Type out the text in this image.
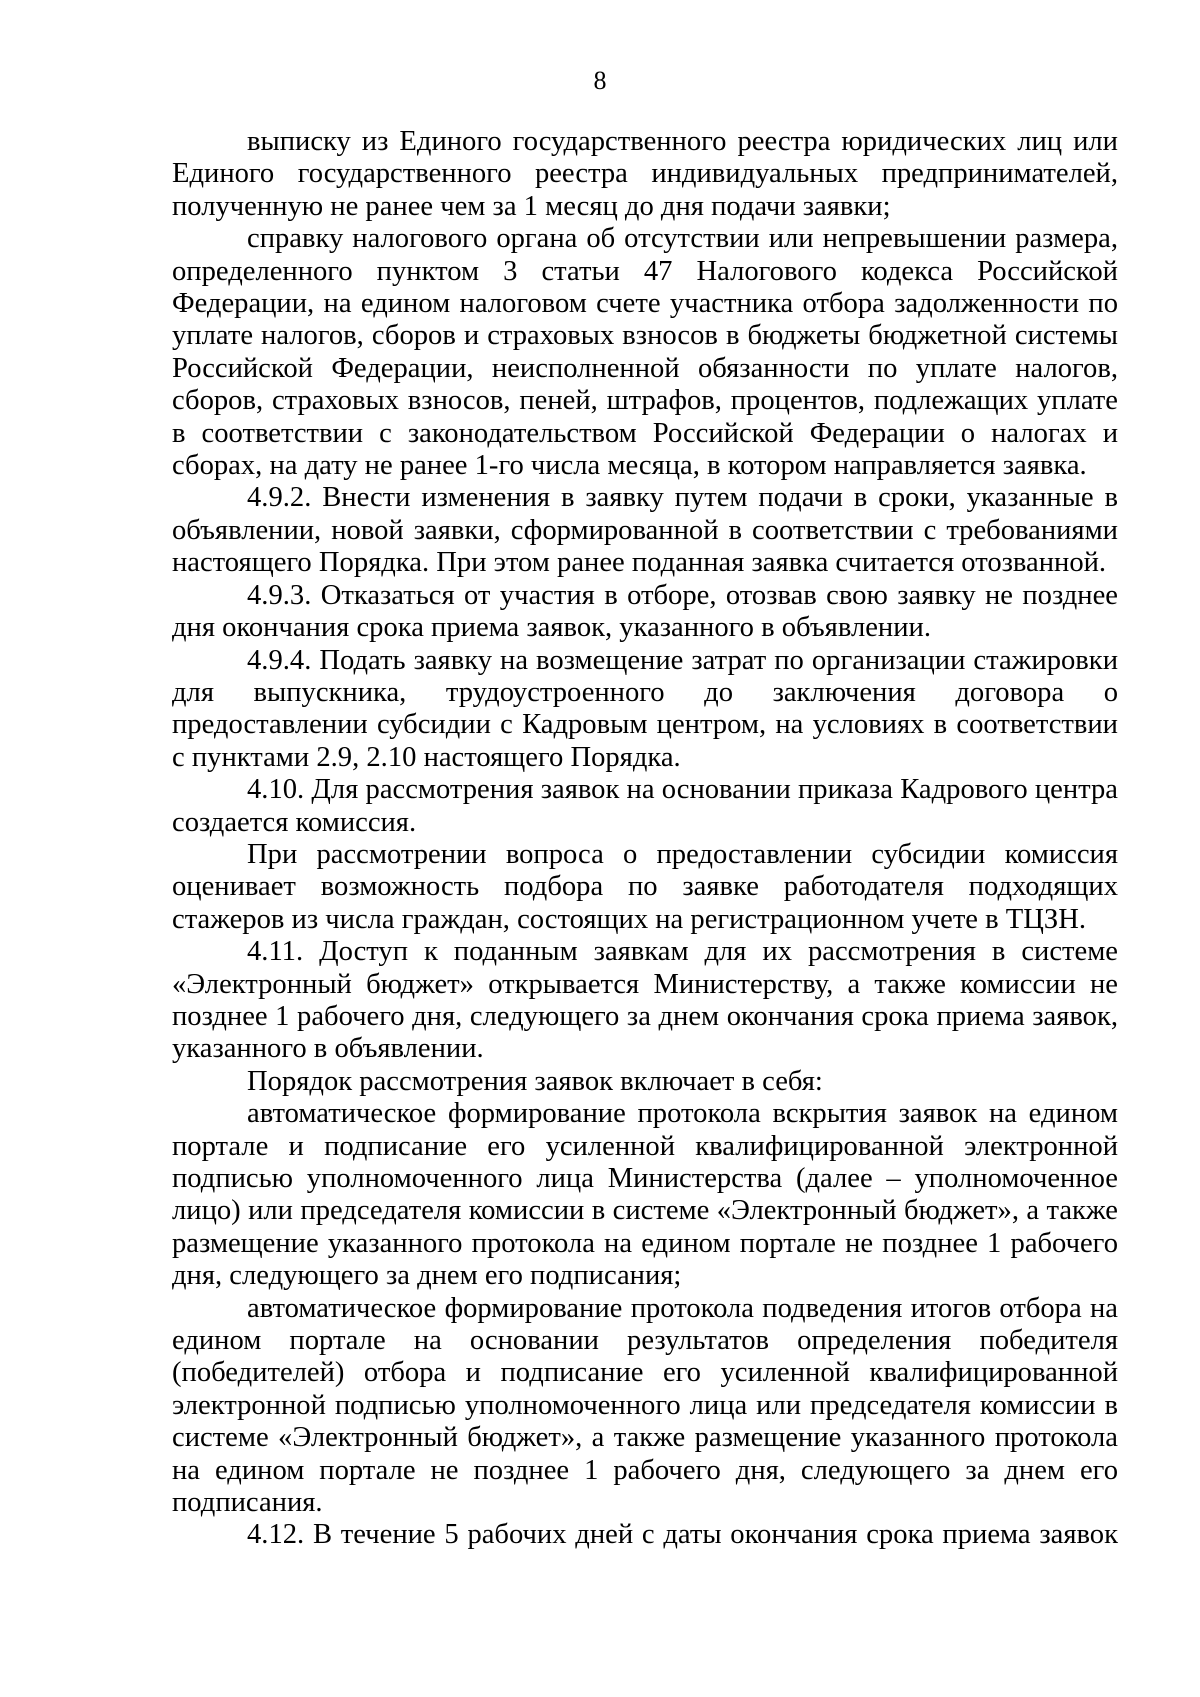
8

выписку из Единого государственного реестра юридических лиц или Единого государственного реестра индивидуальных предпринимателей, полученную не ранее чем за 1 месяц до дня подачи заявки;

справку налогового органа об отсутствии или непревышении размера, определенного пунктом 3 статьи 47 Налогового кодекса Российской Федерации, на едином налоговом счете участника отбора задолженности по уплате налогов, сборов и страховых взносов в бюджеты бюджетной системы Российской Федерации, неисполненной обязанности по уплате налогов, сборов, страховых взносов, пеней, штрафов, процентов, подлежащих уплате в соответствии с законодательством Российской Федерации о налогах и сборах, на дату не ранее 1-го числа месяца, в котором направляется заявка.

4.9.2. Внести изменения в заявку путем подачи в сроки, указанные в объявлении, новой заявки, сформированной в соответствии с требованиями настоящего Порядка. При этом ранее поданная заявка считается отозванной.

4.9.3. Отказаться от участия в отборе, отозвав свою заявку не позднее дня окончания срока приема заявок, указанного в объявлении.

4.9.4. Подать заявку на возмещение затрат по организации стажировки для выпускника, трудоустроенного до заключения договора о предоставлении субсидии с Кадровым центром, на условиях в соответствии с пунктами 2.9, 2.10 настоящего Порядка.

4.10. Для рассмотрения заявок на основании приказа Кадрового центра создается комиссия.

При рассмотрении вопроса о предоставлении субсидии комиссия оценивает возможность подбора по заявке работодателя подходящих стажеров из числа граждан, состоящих на регистрационном учете в ТЦЗН.

4.11. Доступ к поданным заявкам для их рассмотрения в системе «Электронный бюджет» открывается Министерству, а также комиссии не позднее 1 рабочего дня, следующего за днем окончания срока приема заявок, указанного в объявлении.

Порядок рассмотрения заявок включает в себя:

автоматическое формирование протокола вскрытия заявок на едином портале и подписание его усиленной квалифицированной электронной подписью уполномоченного лица Министерства (далее – уполномоченное лицо) или председателя комиссии в системе «Электронный бюджет», а также размещение указанного протокола на едином портале не позднее 1 рабочего дня, следующего за днем его подписания;

автоматическое формирование протокола подведения итогов отбора на едином портале на основании результатов определения победителя (победителей) отбора и подписание его усиленной квалифицированной электронной подписью уполномоченного лица или председателя комиссии в системе «Электронный бюджет», а также размещение указанного протокола на едином портале не позднее 1 рабочего дня, следующего за днем его подписания.

4.12. В течение 5 рабочих дней с даты окончания срока приема заявок
